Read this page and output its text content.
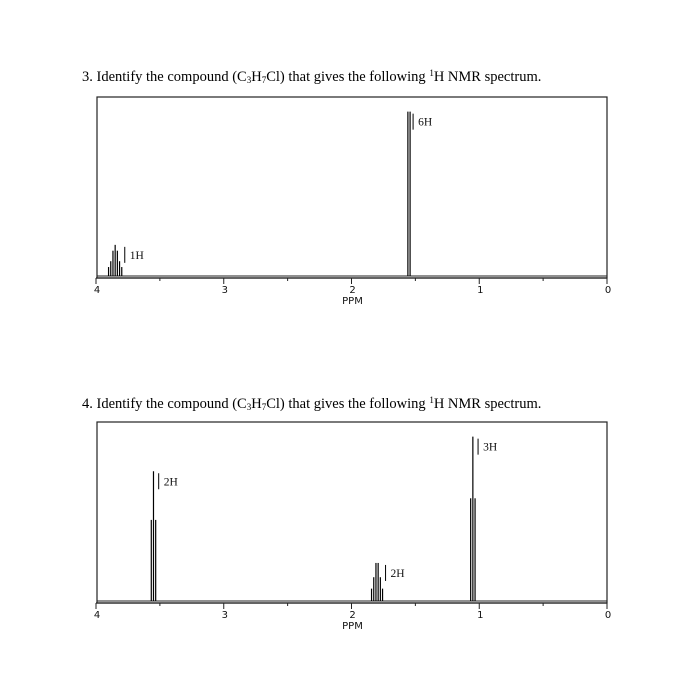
3. Identify the compound $(C_3H_7Cl)$ that gives the following $^1$H NMR spectrum.
4	3	2	1	0
PPM
1H
6H
4. Identify the compound $(C_3H_7Cl)$ that gives the following $^1$H NMR spectrum.
4	3	2	1	0
PPM
2H
2H
3H
